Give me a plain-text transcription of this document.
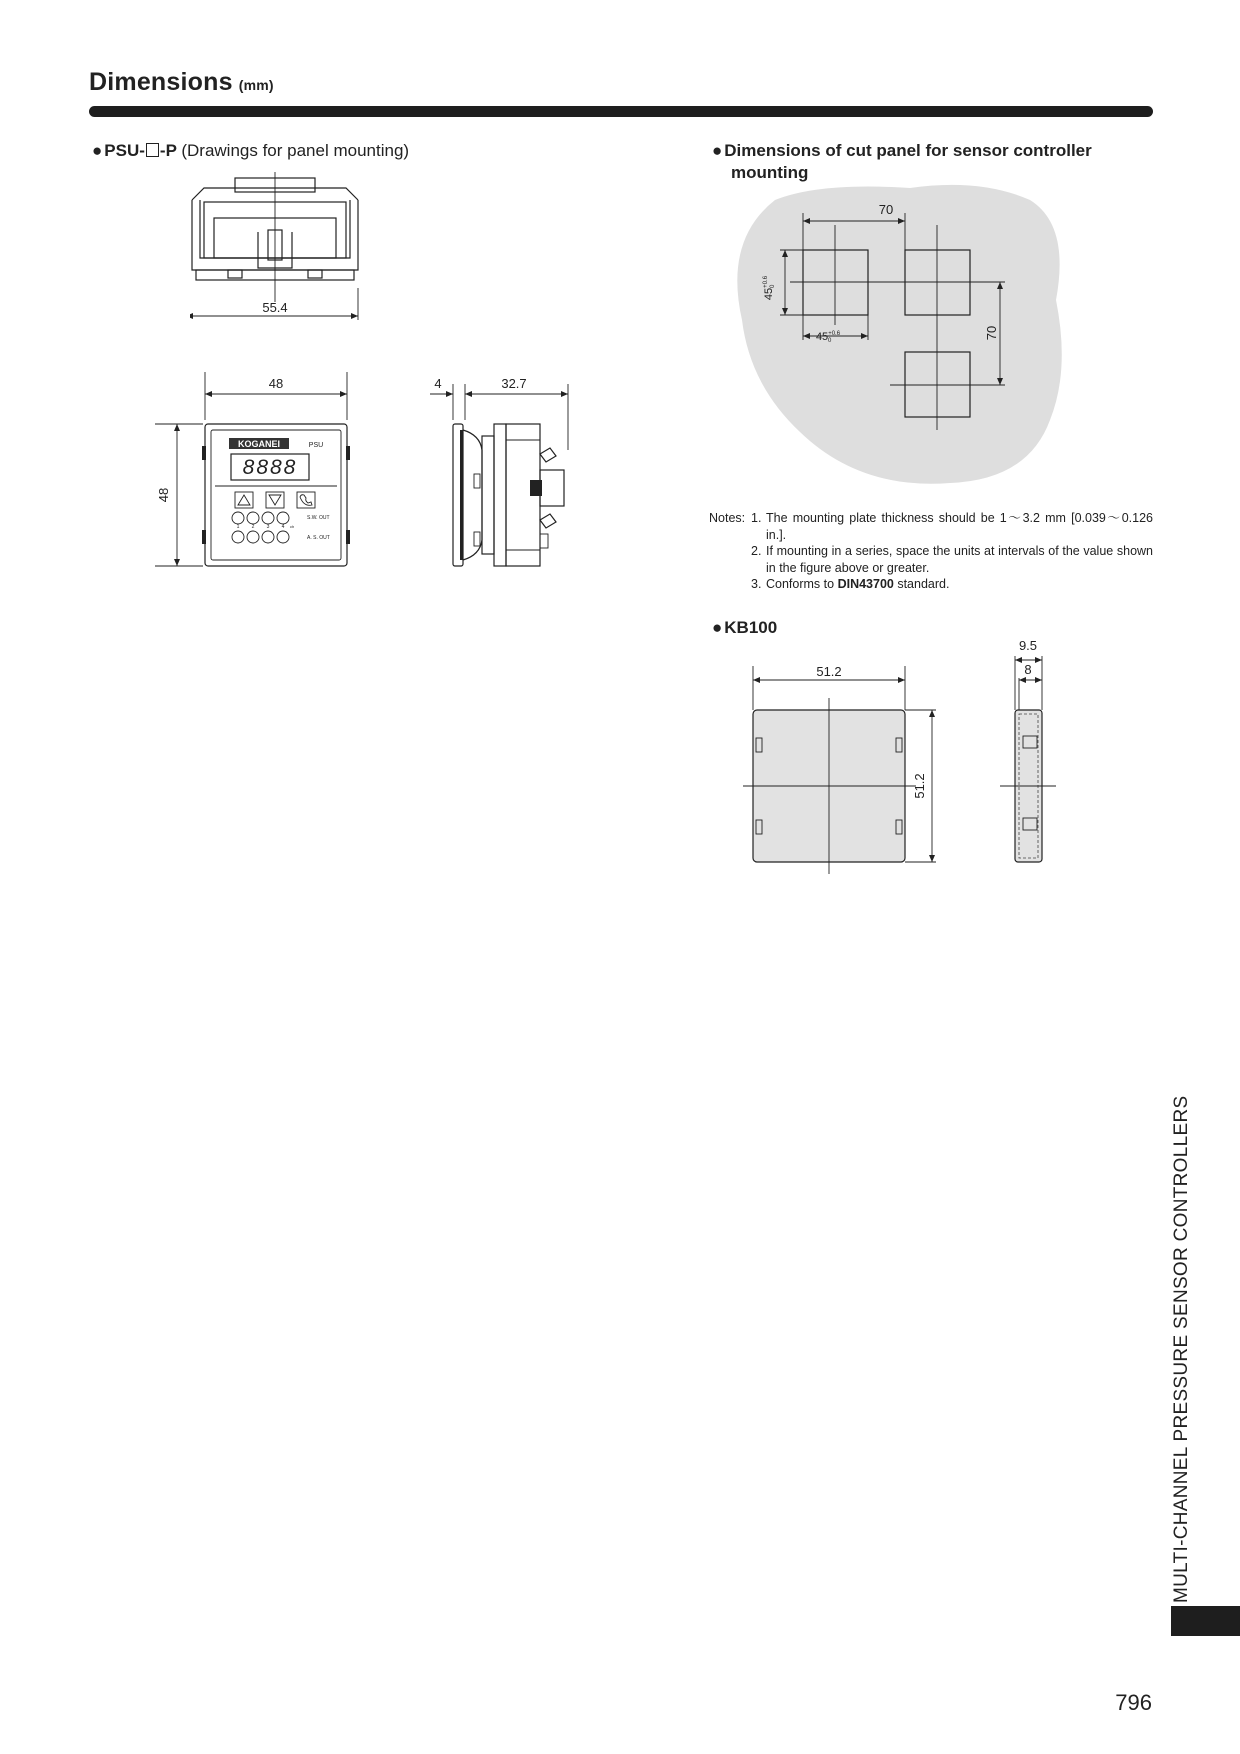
Dimensions (mm)
● PSU- -P (Drawings for panel mounting)
55.4
48
48
KOGANEI	PSU
8888
S.W. OUT
1 2 3 4 ch
A. S. OUT
4	32.7
● Dimensions of cut panel for sensor controller
mounting
70
$45^{+0.6}0$
$45^{+0.6}$ 0
70
Notes: 1. The mounting plate thickness should be 1～3.2 mm [0.039～0.126 in.].
2. If mounting in a series, space the units at intervals of the value shown in the figure above or greater.
3. Conforms to DIN43700 standard.
● KB100
51.2
51.2
9.5
8
MULTI-CHANNEL PRESSURE SENSOR CONTROLLERS
796
